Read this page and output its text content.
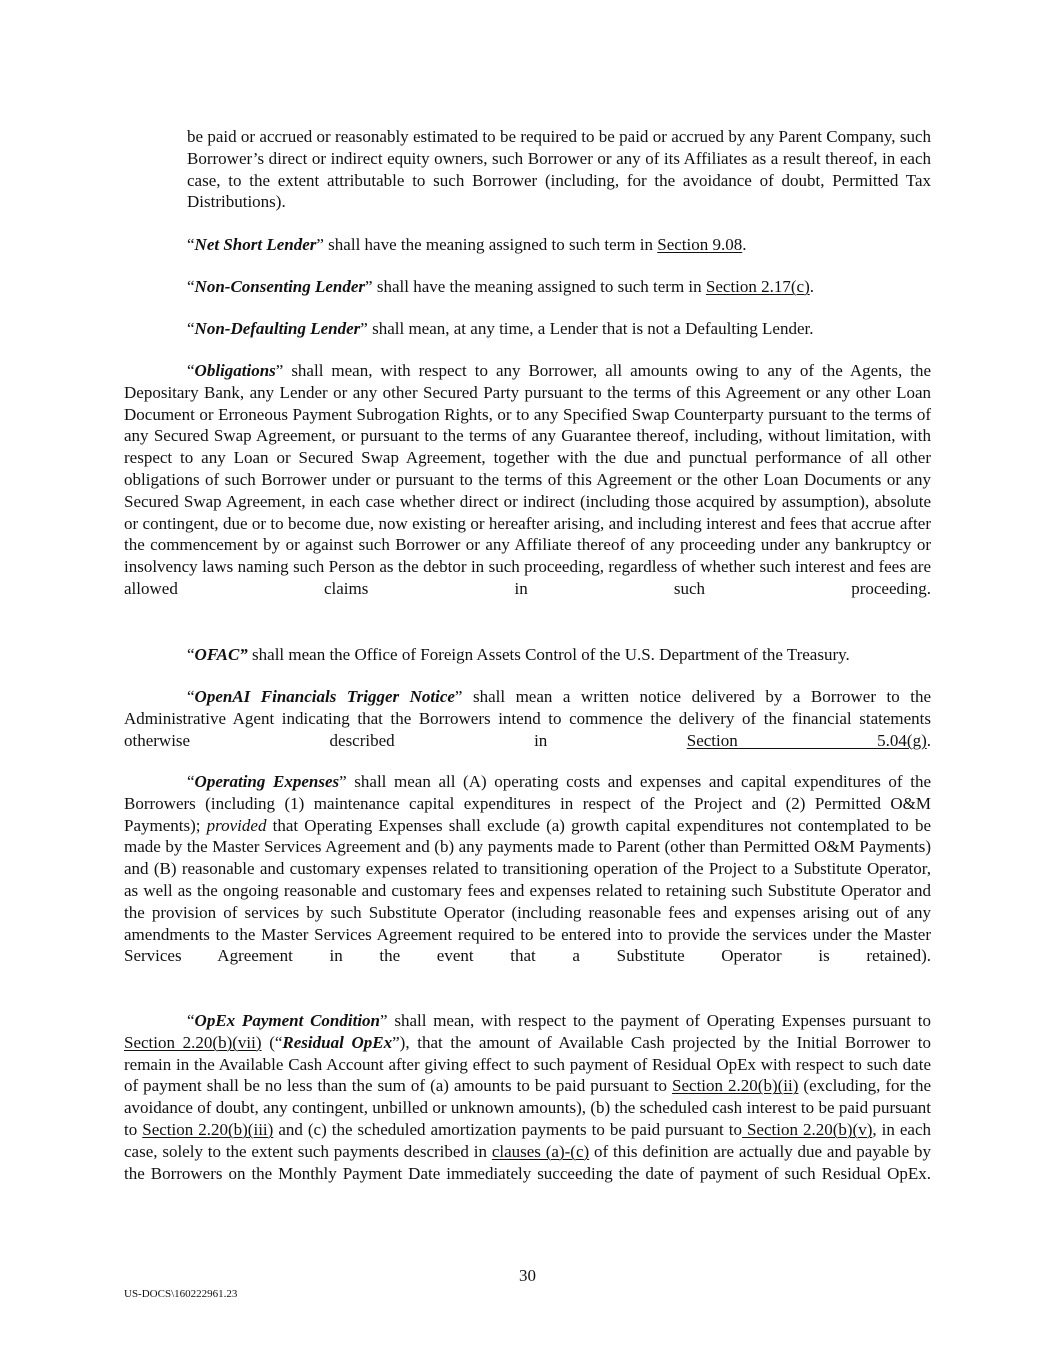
be paid or accrued or reasonably estimated to be required to be paid or accrued by any Parent Company, such Borrower’s direct or indirect equity owners, such Borrower or any of its Affiliates as a result thereof, in each case, to the extent attributable to such Borrower (including, for the avoidance of doubt, Permitted Tax Distributions).

“Net Short Lender” shall have the meaning assigned to such term in Section 9.08.

“Non-Consenting Lender” shall have the meaning assigned to such term in Section 2.17(c).

“Non-Defaulting Lender” shall mean, at any time, a Lender that is not a Defaulting Lender.

“Obligations” shall mean, with respect to any Borrower, all amounts owing to any of the Agents, the Depositary Bank, any Lender or any other Secured Party pursuant to the terms of this Agreement or any other Loan Document or Erroneous Payment Subrogation Rights, or to any Specified Swap Counterparty pursuant to the terms of any Secured Swap Agreement, or pursuant to the terms of any Guarantee thereof, including, without limitation, with respect to any Loan or Secured Swap Agreement, together with the due and punctual performance of all other obligations of such Borrower under or pursuant to the terms of this Agreement or the other Loan Documents or any Secured Swap Agreement, in each case whether direct or indirect (including those acquired by assumption), absolute or contingent, due or to become due, now existing or hereafter arising, and including interest and fees that accrue after the commencement by or against such Borrower or any Affiliate thereof of any proceeding under any bankruptcy or insolvency laws naming such Person as the debtor in such proceeding, regardless of whether such interest and fees are allowed claims in such proceeding.

“OFAC” shall mean the Office of Foreign Assets Control of the U.S. Department of the Treasury.

“OpenAI Financials Trigger Notice” shall mean a written notice delivered by a Borrower to the Administrative Agent indicating that the Borrowers intend to commence the delivery of the financial statements otherwise described in Section 5.04(g).

“Operating Expenses” shall mean all (A) operating costs and expenses and capital expenditures of the Borrowers (including (1) maintenance capital expenditures in respect of the Project and (2) Permitted O&M Payments); provided that Operating Expenses shall exclude (a) growth capital expenditures not contemplated to be made by the Master Services Agreement and (b) any payments made to Parent (other than Permitted O&M Payments) and (B) reasonable and customary expenses related to transitioning operation of the Project to a Substitute Operator, as well as the ongoing reasonable and customary fees and expenses related to retaining such Substitute Operator and the provision of services by such Substitute Operator (including reasonable fees and expenses arising out of any amendments to the Master Services Agreement required to be entered into to provide the services under the Master Services Agreement in the event that a Substitute Operator is retained).

“OpEx Payment Condition” shall mean, with respect to the payment of Operating Expenses pursuant to Section 2.20(b)(vii) (“Residual OpEx”), that the amount of Available Cash projected by the Initial Borrower to remain in the Available Cash Account after giving effect to such payment of Residual OpEx with respect to such date of payment shall be no less than the sum of (a) amounts to be paid pursuant to Section 2.20(b)(ii) (excluding, for the avoidance of doubt, any contingent, unbilled or unknown amounts), (b) the scheduled cash interest to be paid pursuant to Section 2.20(b)(iii) and (c) the scheduled amortization payments to be paid pursuant to Section 2.20(b)(v), in each case, solely to the extent such payments described in clauses (a)-(c) of this definition are actually due and payable by the Borrowers on the Monthly Payment Date immediately succeeding the date of payment of such Residual OpEx.

30
US-DOCS\160222961.23
